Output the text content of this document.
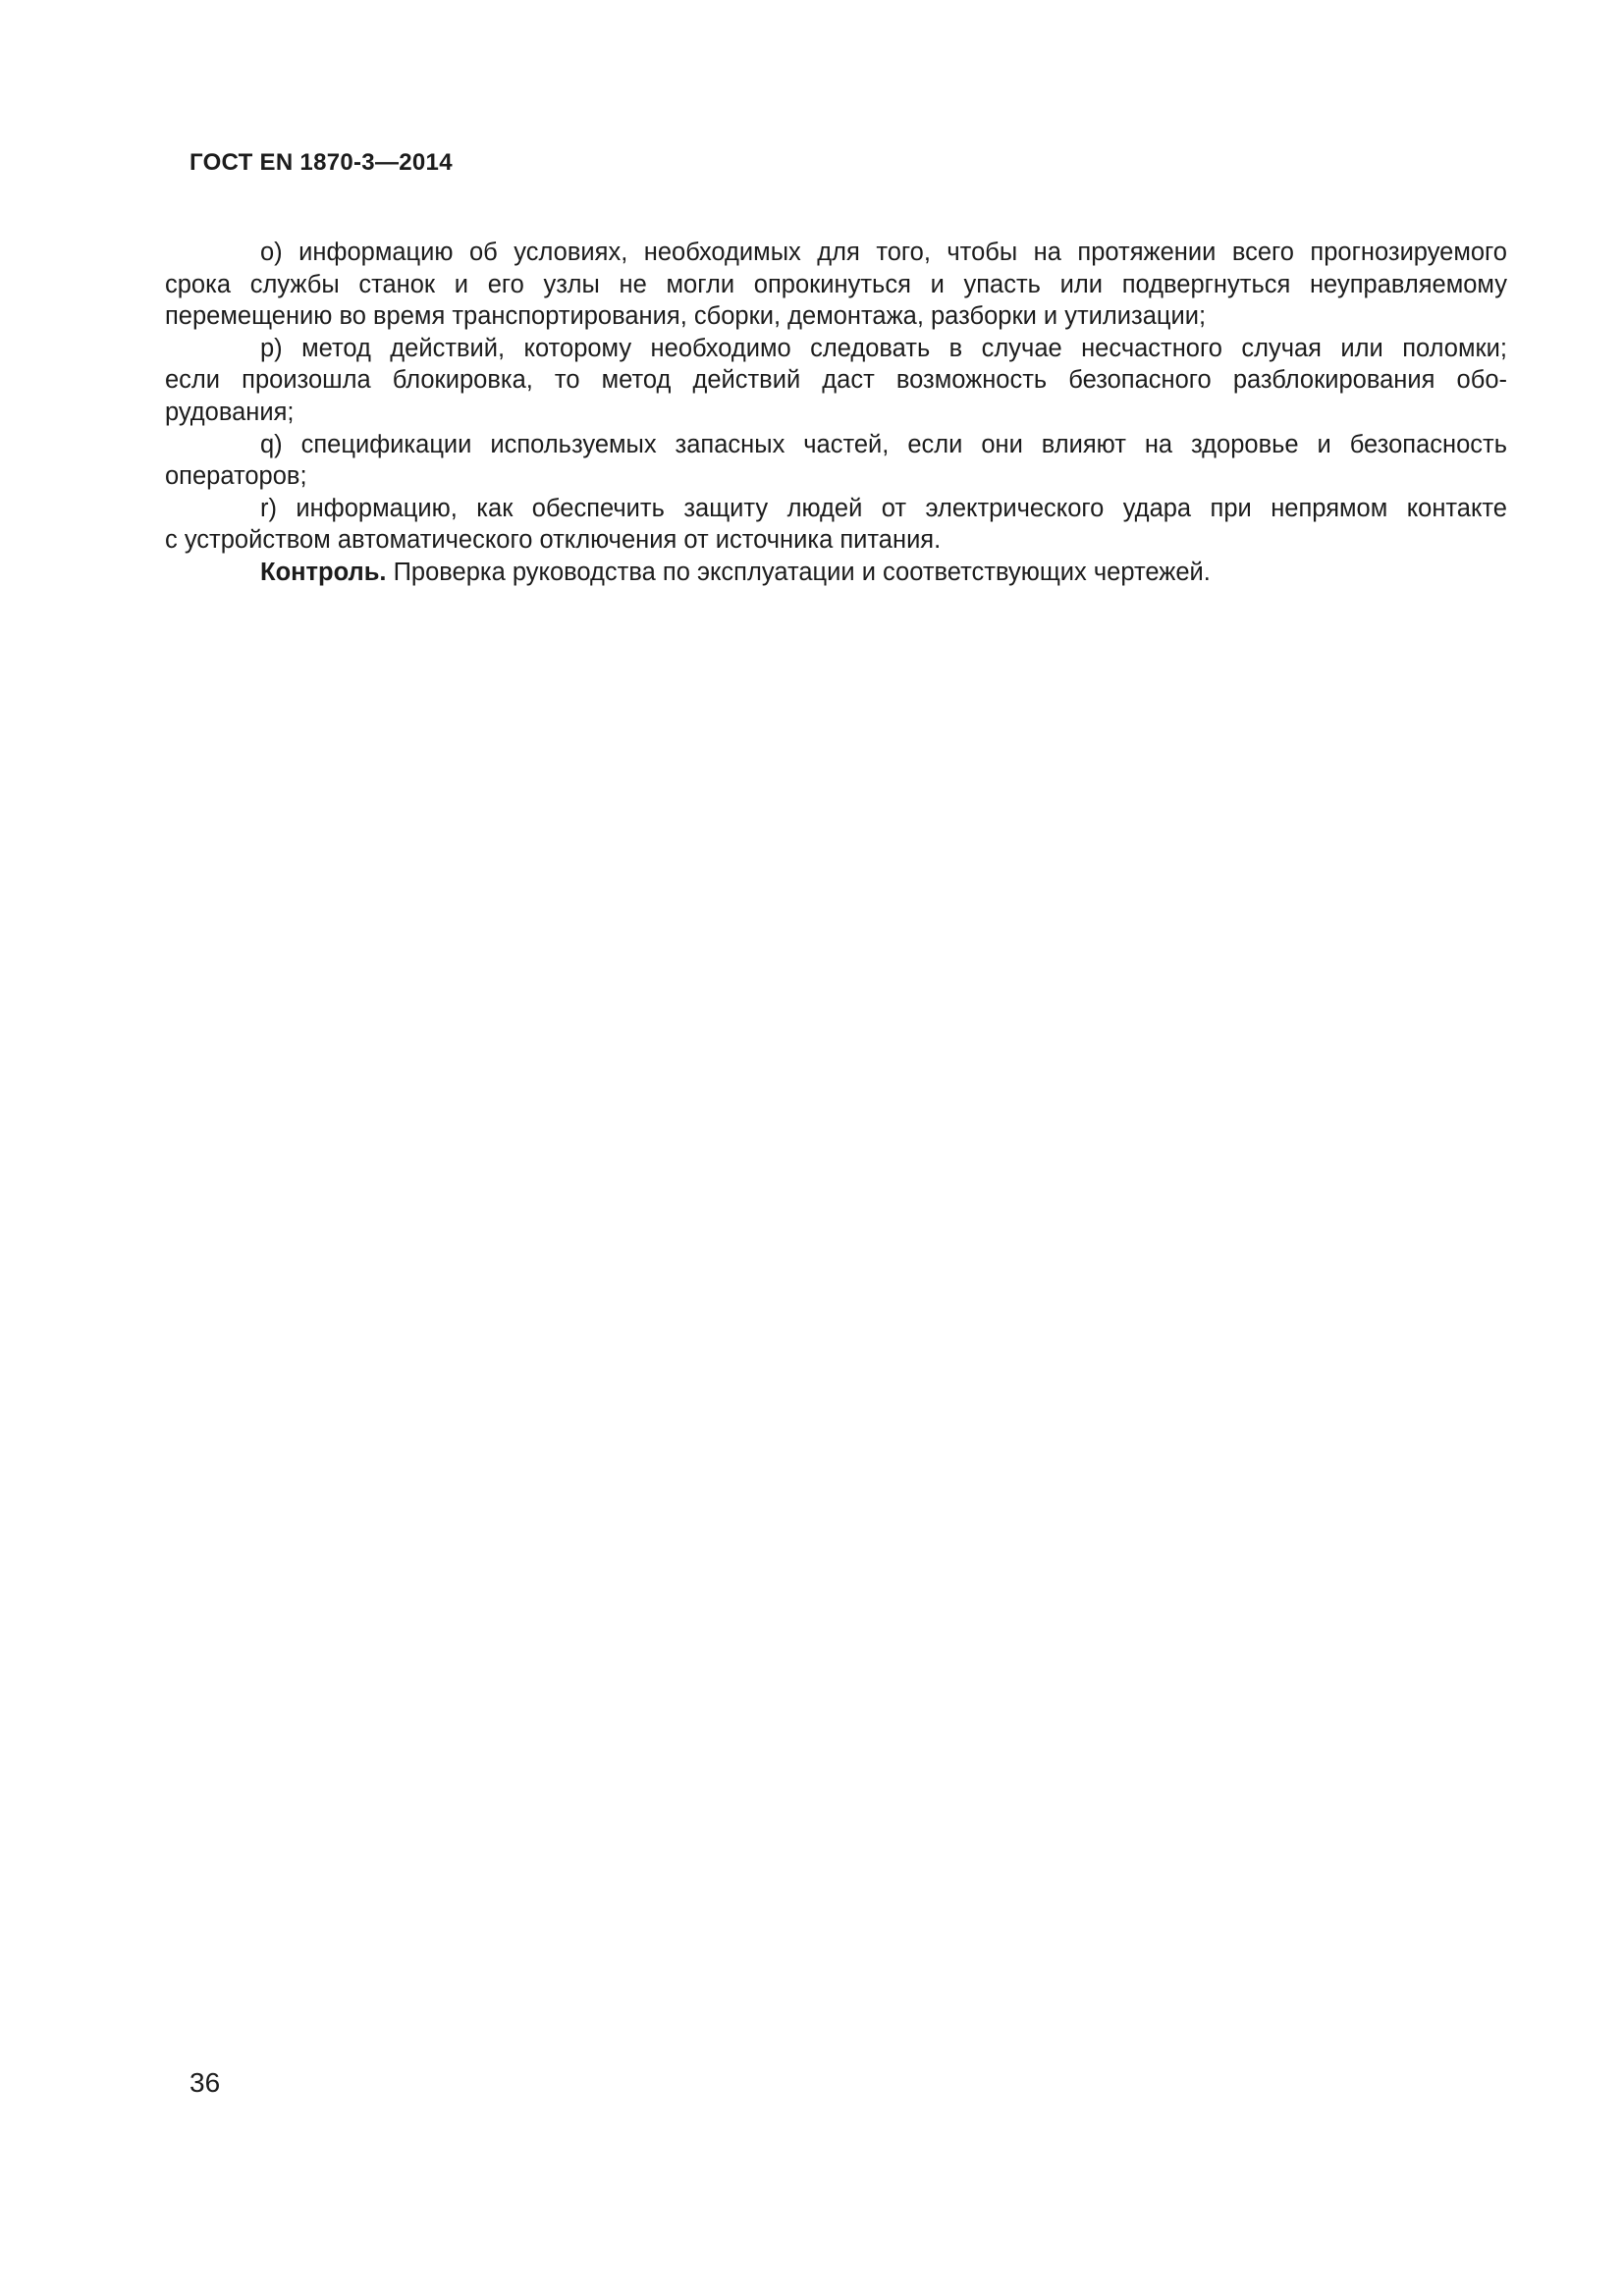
ГОСТ EN 1870-3—2014
o) информацию об условиях, необходимых для того, чтобы на протяжении всего прогнозируемого
срока службы станок и его узлы не могли опрокинуться и упасть или подвергнуться неуправляемому
перемещению во время транспортирования, сборки, демонтажа, разборки и утилизации;
p) метод действий, которому необходимо следовать в случае несчастного случая или поломки;
если произошла блокировка, то метод действий даст возможность безопасного разблокирования обо-
рудования;
q) спецификации используемых запасных частей, если они влияют на здоровье и безопасность
операторов;
r) информацию, как обеспечить защиту людей от электрического удара при непрямом контакте
с устройством автоматического отключения от источника питания.
Контроль. Проверка руководства по эксплуатации и соответствующих чертежей.
36
